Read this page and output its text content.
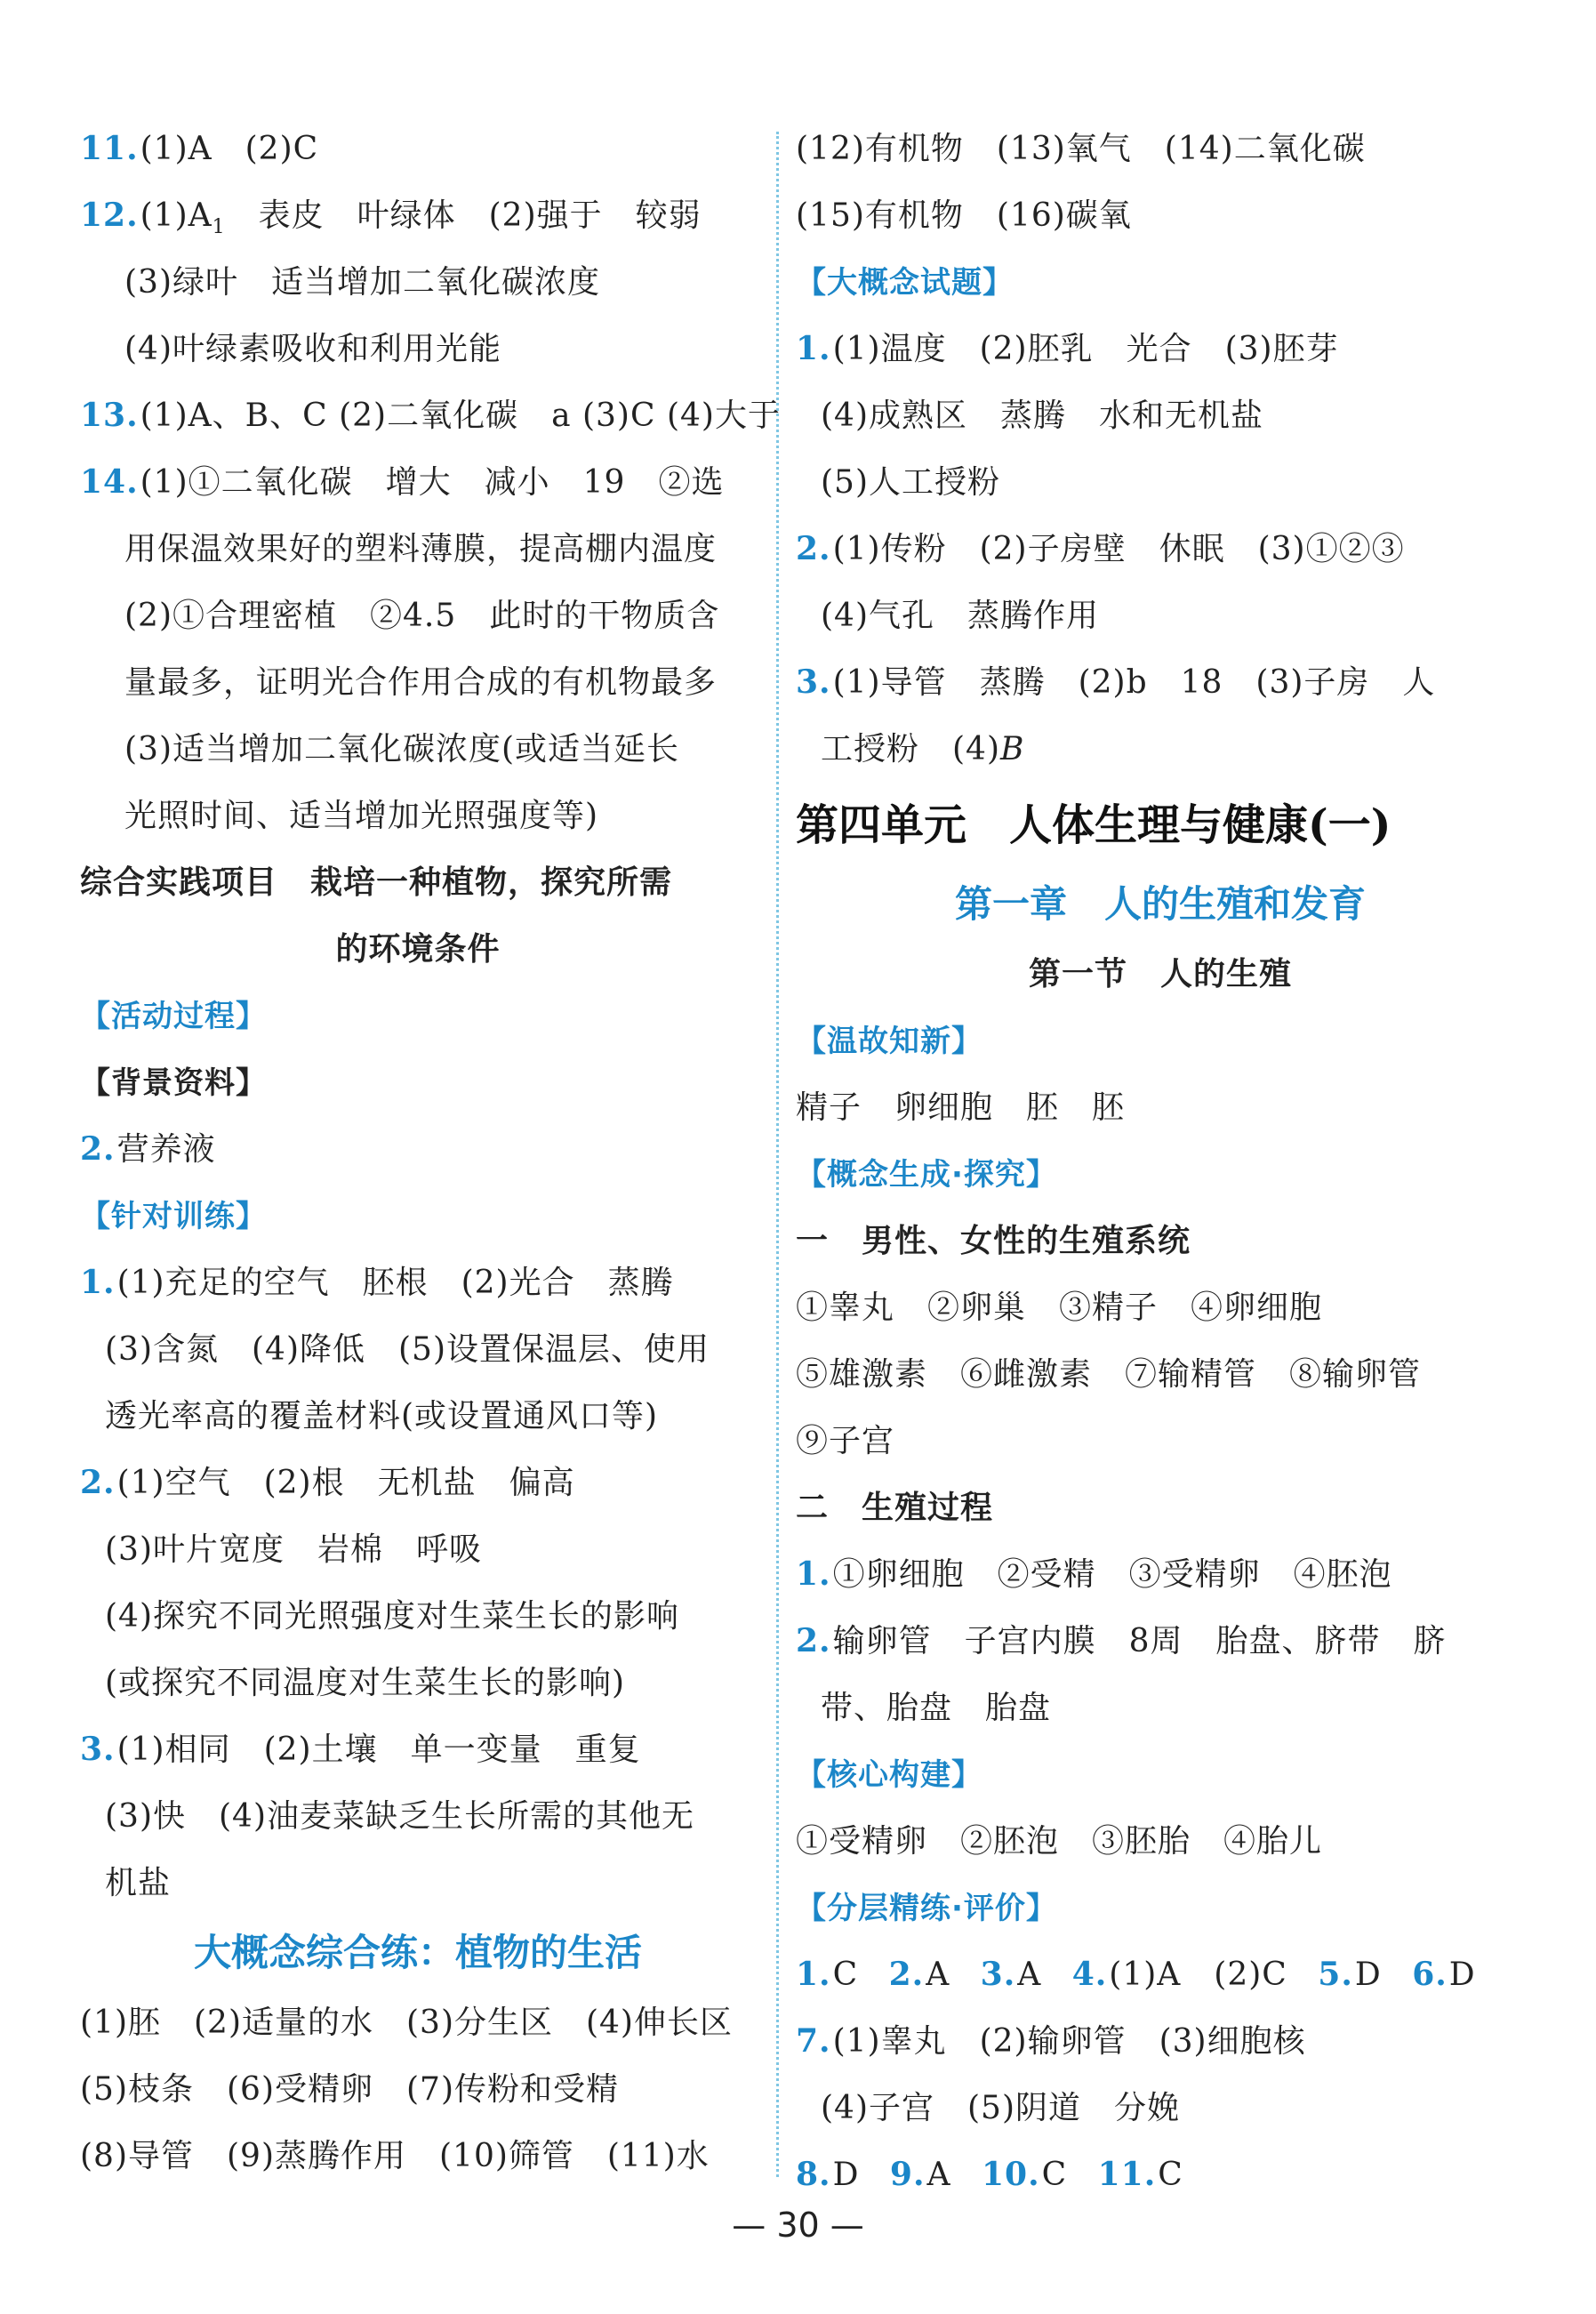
11.(1)A　(2)C
$12.(1)A_1$　表皮　叶绿体　(2)强于　较弱
(3)绿叶　适当增加二氧化碳浓度
(4)叶绿素吸收和利用光能
13.(1)A、B、C (2)二氧化碳　a (3)C (4)大于
14.(1)①二氧化碳　增大　减小　19　②选
用保温效果好的塑料薄膜，提高棚内温度
(2)①合理密植　②4.5　此时的干物质含
量最多，证明光合作用合成的有机物最多
(3)适当增加二氧化碳浓度(或适当延长
光照时间、适当增加光照强度等)
综合实践项目　栽培一种植物，探究所需
的环境条件
【活动过程】
【背景资料】
2.营养液
【针对训练】
1.(1)充足的空气　胚根　(2)光合　蒸腾
(3)含氮　(4)降低　(5)设置保温层、使用
透光率高的覆盖材料(或设置通风口等)
2.(1)空气　(2)根　无机盐　偏高
(3)叶片宽度　岩棉　呼吸
(4)探究不同光照强度对生菜生长的影响
(或探究不同温度对生菜生长的影响)
3.(1)相同　(2)土壤　单一变量　重复
(3)快　(4)油麦菜缺乏生长所需的其他无
机盐
大概念综合练：植物的生活
(1)胚　(2)适量的水　(3)分生区　(4)伸长区
(5)枝条　(6)受精卵　(7)传粉和受精
(8)导管　(9)蒸腾作用　(10)筛管　(11)水
(12)有机物　(13)氧气　(14)二氧化碳
(15)有机物　(16)碳氧
【大概念试题】
1.(1)温度　(2)胚乳　光合　(3)胚芽
(4)成熟区　蒸腾　水和无机盐
(5)人工授粉
2.(1)传粉　(2)子房壁　休眠　(3)①②③
(4)气孔　蒸腾作用
3.(1)导管　蒸腾　(2)b　18　(3)子房　人
工授粉　(4)B
第四单元　人体生理与健康(一)
第一章　人的生殖和发育
第一节　人的生殖
【温故知新】
精子　卵细胞　胚　胚
【概念生成·探究】
一　男性、女性的生殖系统
①睾丸　②卵巢　③精子　④卵细胞
⑤雄激素　⑥雌激素　⑦输精管　⑧输卵管
⑨子宫
二　生殖过程
1.①卵细胞　②受精　③受精卵　④胚泡
2.输卵管　子宫内膜　8周　胎盘、脐带　脐
带、胎盘　胎盘
【核心构建】
①受精卵　②胚泡　③胚胎　④胎儿
【分层精练·评价】
1.C 2.A 3.A 4.(1)A　(2)C 5.D 6.D
7.(1)睾丸　(2)输卵管　(3)细胞核
(4)子宫　(5)阴道　分娩
8.D 9.A 10.C 11.C
— 30 —
